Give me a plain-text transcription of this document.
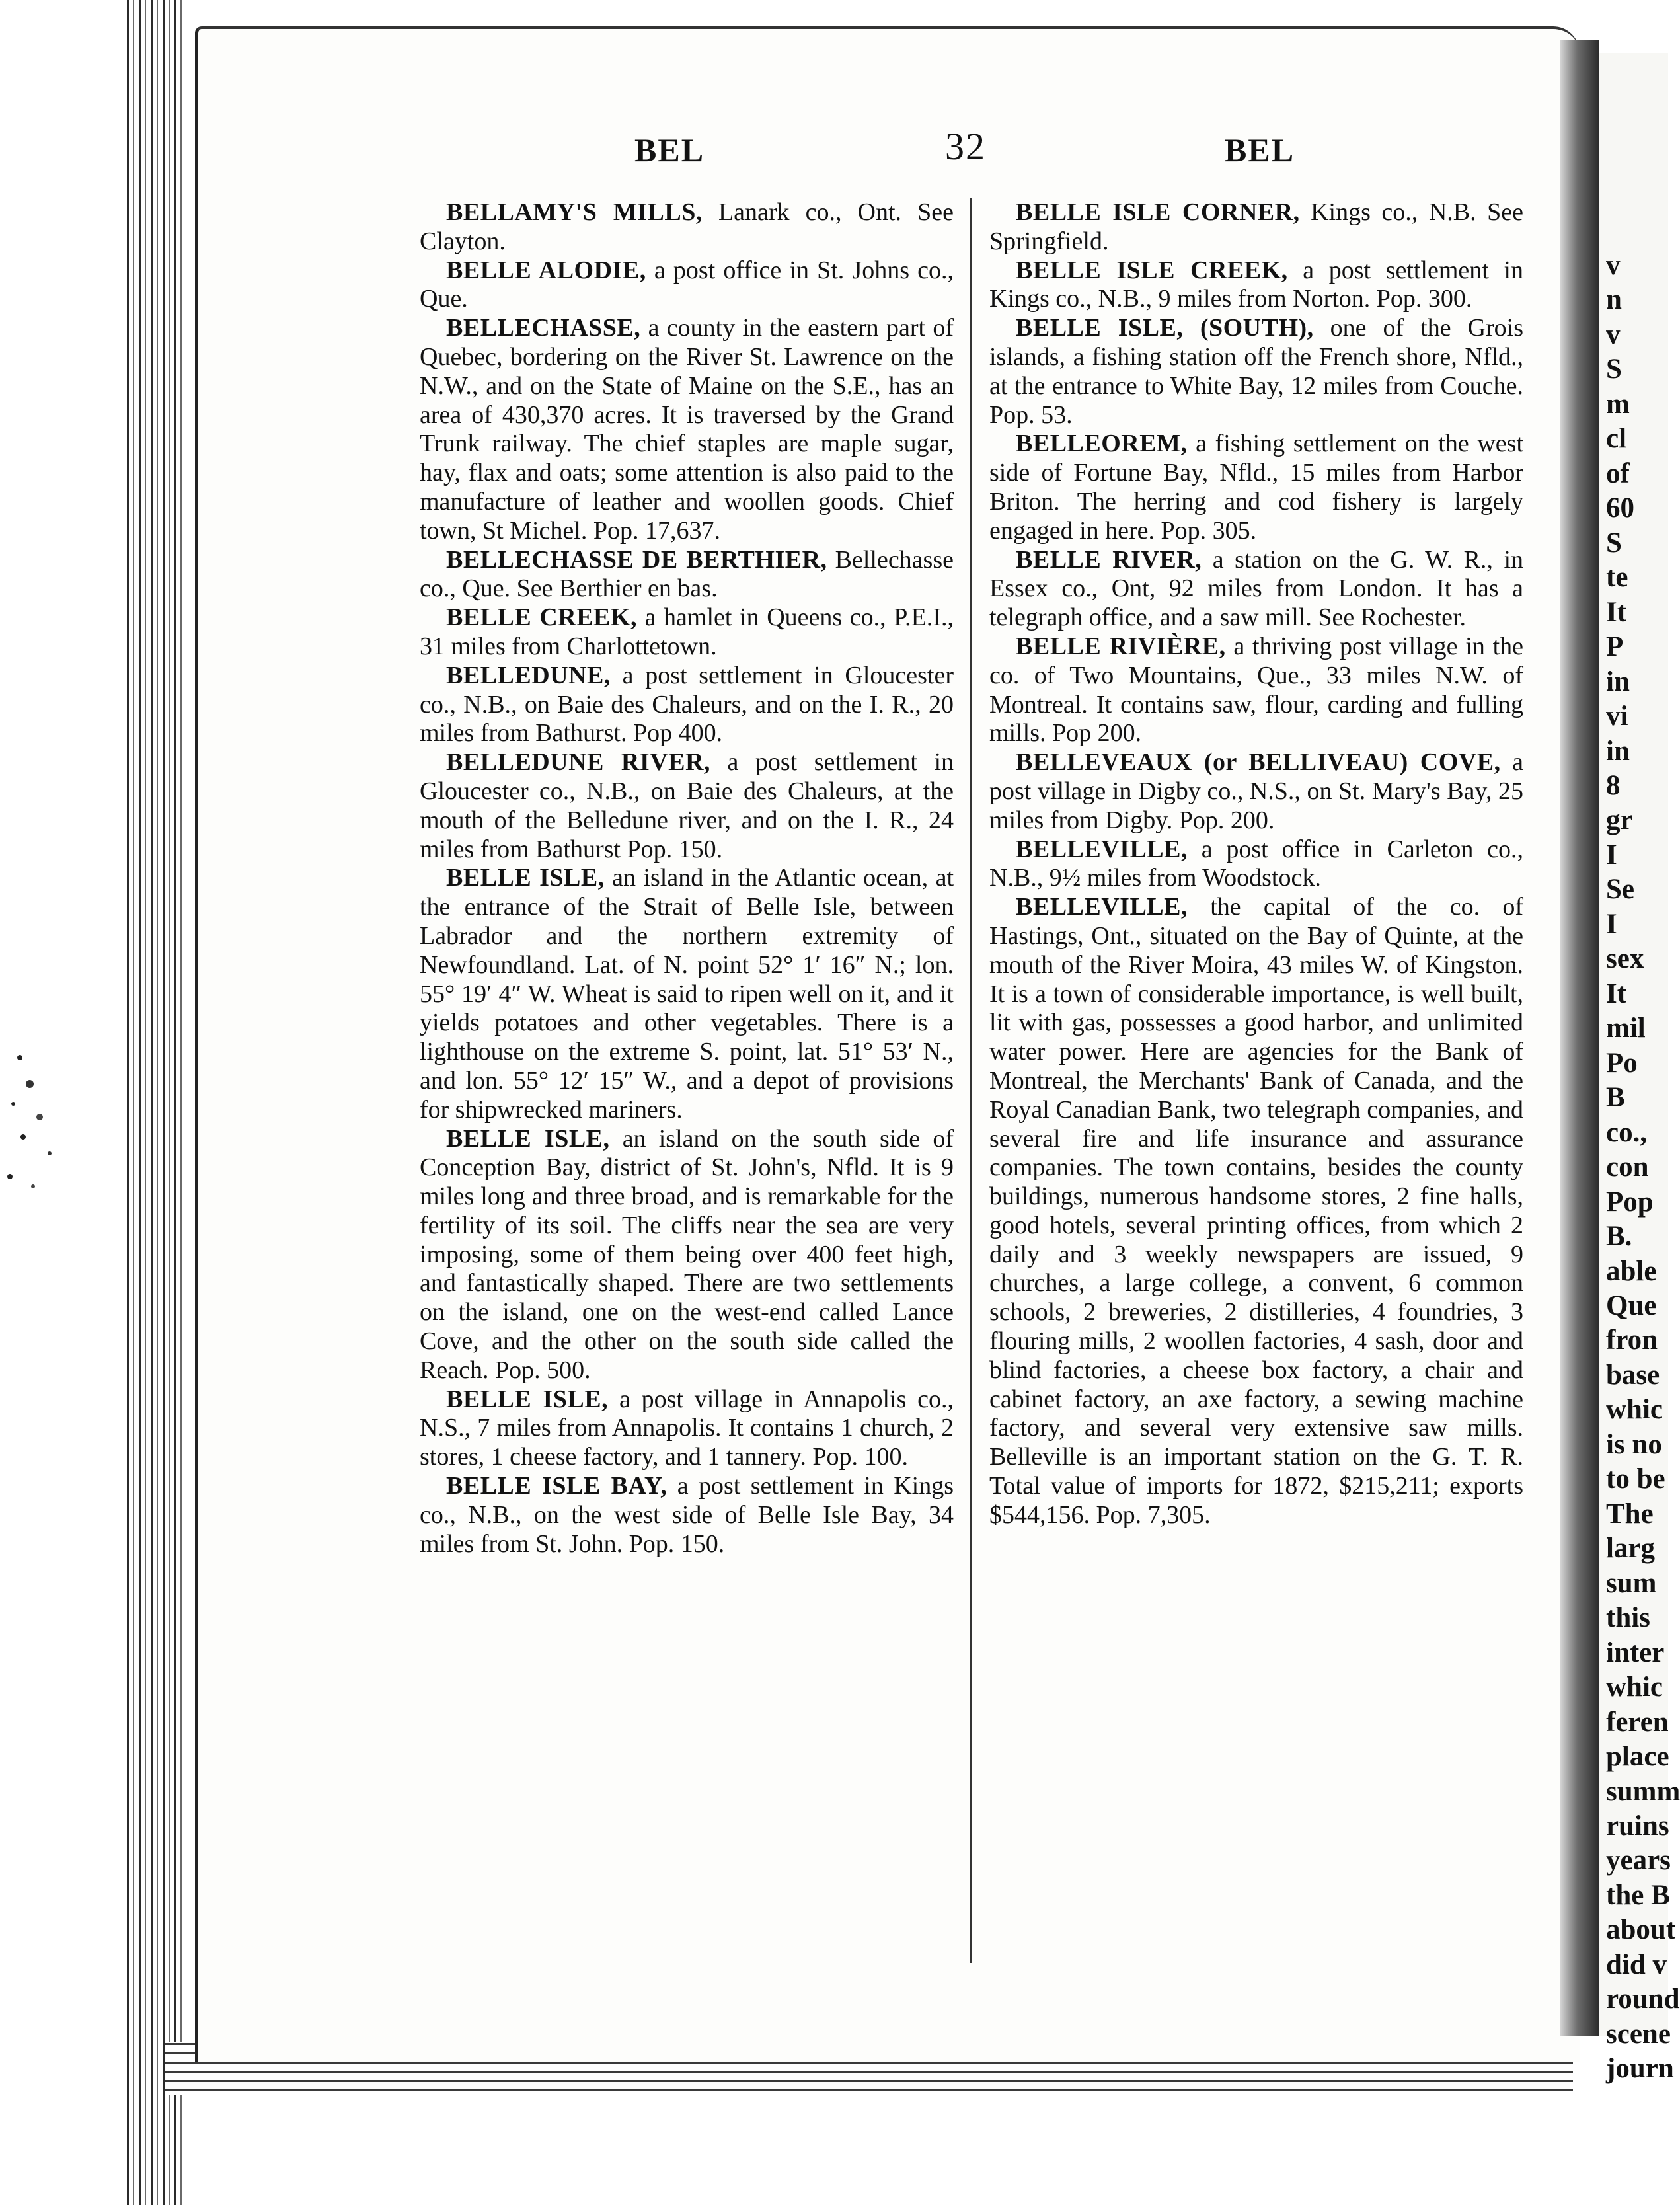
v
n
v
S
m
cl
of
60
S
te
It
P
in
vi
in
8
gr
I
Se
I
sex
It
mil
Po
B
co.,
con
Pop
B.
able
Que
fron
base
whic
is no
to be
The
larg
sum
this
inter
whic
feren
place
summ
ruins
years
the B
about
did v
round
scene
journ
BEL	32	BEL

BELLAMY'S MILLS, Lanark co., Ont. See Clayton.

BELLE ALODIE, a post office in St. Johns co., Que.

BELLECHASSE, a county in the eastern part of Quebec, bordering on the River St. Lawrence on the N.W., and on the State of Maine on the S.E., has an area of 430,370 acres. It is traversed by the Grand Trunk railway. The chief staples are maple sugar, hay, flax and oats; some attention is also paid to the manufacture of leather and woollen goods. Chief town, St Michel. Pop. 17,637.

BELLECHASSE DE BERTHIER, Bellechasse co., Que. See Berthier en bas.

BELLE CREEK, a hamlet in Queens co., P.E.I., 31 miles from Charlottetown.

BELLEDUNE, a post settlement in Gloucester co., N.B., on Baie des Chaleurs, and on the I. R., 20 miles from Bathurst. Pop 400.

BELLEDUNE RIVER, a post settlement in Gloucester co., N.B., on Baie des Chaleurs, at the mouth of the Belledune river, and on the I. R., 24 miles from Bathurst Pop. 150.

BELLE ISLE, an island in the Atlantic ocean, at the entrance of the Strait of Belle Isle, between Labrador and the northern extremity of Newfoundland. Lat. of N. point 52° 1′ 16″ N.; lon. 55° 19′ 4″ W. Wheat is said to ripen well on it, and it yields potatoes and other vegetables. There is a lighthouse on the extreme S. point, lat. 51° 53′ N., and lon. 55° 12′ 15″ W., and a depot of provisions for shipwrecked mariners.

BELLE ISLE, an island on the south side of Conception Bay, district of St. John's, Nfld. It is 9 miles long and three broad, and is remarkable for the fertility of its soil. The cliffs near the sea are very imposing, some of them being over 400 feet high, and fantastically shaped. There are two settlements on the island, one on the west-end called Lance Cove, and the other on the south side called the Reach. Pop. 500.

BELLE ISLE, a post village in Annapolis co., N.S., 7 miles from Annapolis. It contains 1 church, 2 stores, 1 cheese factory, and 1 tannery. Pop. 100.

BELLE ISLE BAY, a post settlement in Kings co., N.B., on the west side of Belle Isle Bay, 34 miles from St. John. Pop. 150.

BELLE ISLE CORNER, Kings co., N.B. See Springfield.

BELLE ISLE CREEK, a post settlement in Kings co., N.B., 9 miles from Norton. Pop. 300.

BELLE ISLE, (SOUTH), one of the Grois islands, a fishing station off the French shore, Nfld., at the entrance to White Bay, 12 miles from Couche. Pop. 53.

BELLEOREM, a fishing settlement on the west side of Fortune Bay, Nfld., 15 miles from Harbor Briton. The herring and cod fishery is largely engaged in here. Pop. 305.

BELLE RIVER, a station on the G. W. R., in Essex co., Ont, 92 miles from London. It has a telegraph office, and a saw mill. See Rochester.

BELLE RIVIÈRE, a thriving post village in the co. of Two Mountains, Que., 33 miles N.W. of Montreal. It contains saw, flour, carding and fulling mills. Pop 200.

BELLEVEAUX (or BELLIVEAU) COVE, a post village in Digby co., N.S., on St. Mary's Bay, 25 miles from Digby. Pop. 200.

BELLEVILLE, a post office in Carleton co., N.B., 9½ miles from Woodstock.

BELLEVILLE, the capital of the co. of Hastings, Ont., situated on the Bay of Quinte, at the mouth of the River Moira, 43 miles W. of Kingston. It is a town of considerable importance, is well built, lit with gas, possesses a good harbor, and unlimited water power. Here are agencies for the Bank of Montreal, the Merchants' Bank of Canada, and the Royal Canadian Bank, two telegraph companies, and several fire and life insurance and assurance companies. The town contains, besides the county buildings, numerous handsome stores, 2 fine halls, good hotels, several printing offices, from which 2 daily and 3 weekly newspapers are issued, 9 churches, a large college, a convent, 6 common schools, 2 breweries, 2 distilleries, 4 foundries, 3 flouring mills, 2 woollen factories, 4 sash, door and blind factories, a cheese box factory, a chair and cabinet factory, an axe factory, a sewing machine factory, and several very extensive saw mills. Belleville is an important station on the G. T. R. Total value of imports for 1872, $215,211; exports $544,156. Pop. 7,305.
